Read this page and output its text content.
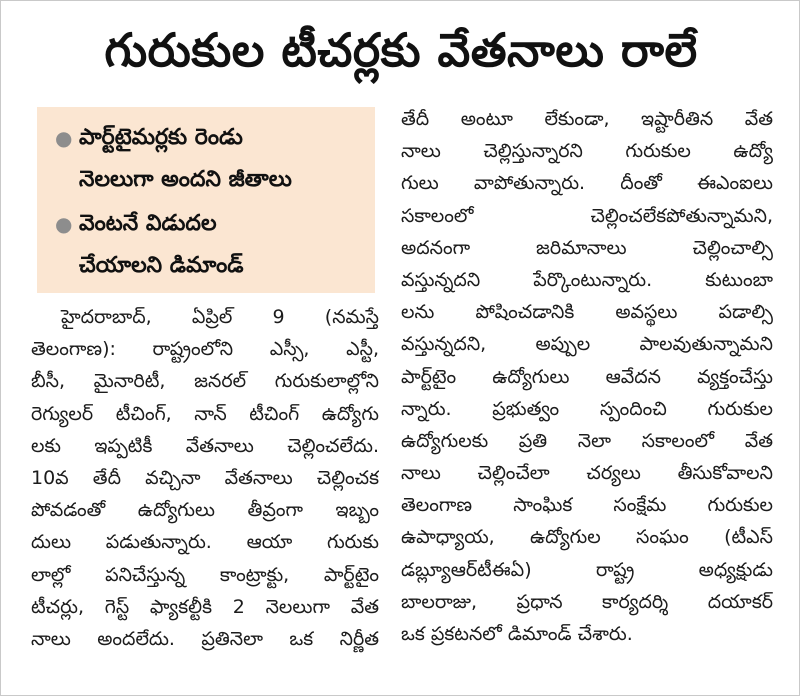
గురుకుల టీచర్లకు వేతనాలు రాలే
● పార్ట్‌టైమర్లకు రెండు
నెలలుగా అందని జీతాలు
● వెంటనే విడుదల
చేయాలని డిమాండ్
హైదరాబాద్, ఏప్రిల్ 9 (నమస్తే
తెలంగాణ): రాష్ట్రంలోని ఎస్సీ, ఎస్టీ,
బీసీ, మైనారిటీ, జనరల్ గురుకులాల్లోని
రెగ్యులర్ టీచింగ్, నాన్ టీచింగ్ ఉద్యోగు
లకు ఇప్పటికీ వేతనాలు చెల్లించలేదు.
10వ తేదీ వచ్చినా వేతనాలు చెల్లించక
పోవడంతో ఉద్యోగులు తీవ్రంగా ఇబ్బం
దులు పడుతున్నారు. ఆయా గురుకు
లాల్లో పనిచేస్తున్న కాంట్రాక్టు, పార్ట్‌టైం
టీచర్లు, గెస్ట్ ఫ్యాకల్టీకి 2 నెలలుగా వేత
నాలు అందలేదు. ప్రతినెలా ఒక నిర్ణీత
తేదీ అంటూ లేకుండా, ఇష్టారీతిన వేత
నాలు చెల్లిస్తున్నారని గురుకుల ఉద్యో
గులు వాపోతున్నారు. దీంతో ఈఎంఐలు
సకాలంలో చెల్లించలేకపోతున్నామని,
అదనంగా జరిమానాలు చెల్లించాల్సి
వస్తున్నదని పేర్కొంటున్నారు. కుటుంబా
లను పోషించడానికి అవస్థలు పడాల్సి
వస్తున్నదని, అప్పుల పాలవుతున్నామని
పార్ట్‌టైం ఉద్యోగులు ఆవేదన వ్యక్తంచేస్తు
న్నారు. ప్రభుత్వం స్పందించి గురుకుల
ఉద్యోగులకు ప్రతి నెలా సకాలంలో వేత
నాలు చెల్లించేలా చర్యలు తీసుకోవాలని
తెలంగాణ సాంఘిక సంక్షేమ గురుకుల
ఉపాధ్యాయ, ఉద్యోగుల సంఘం (టీఎస్
డబ్ల్యూఆర్‌టీఈఏ) రాష్ట్ర అధ్యక్షుడు
బాలరాజు, ప్రధాన కార్యదర్శి దయాకర్
ఒక ప్రకటనలో డిమాండ్ చేశారు.
